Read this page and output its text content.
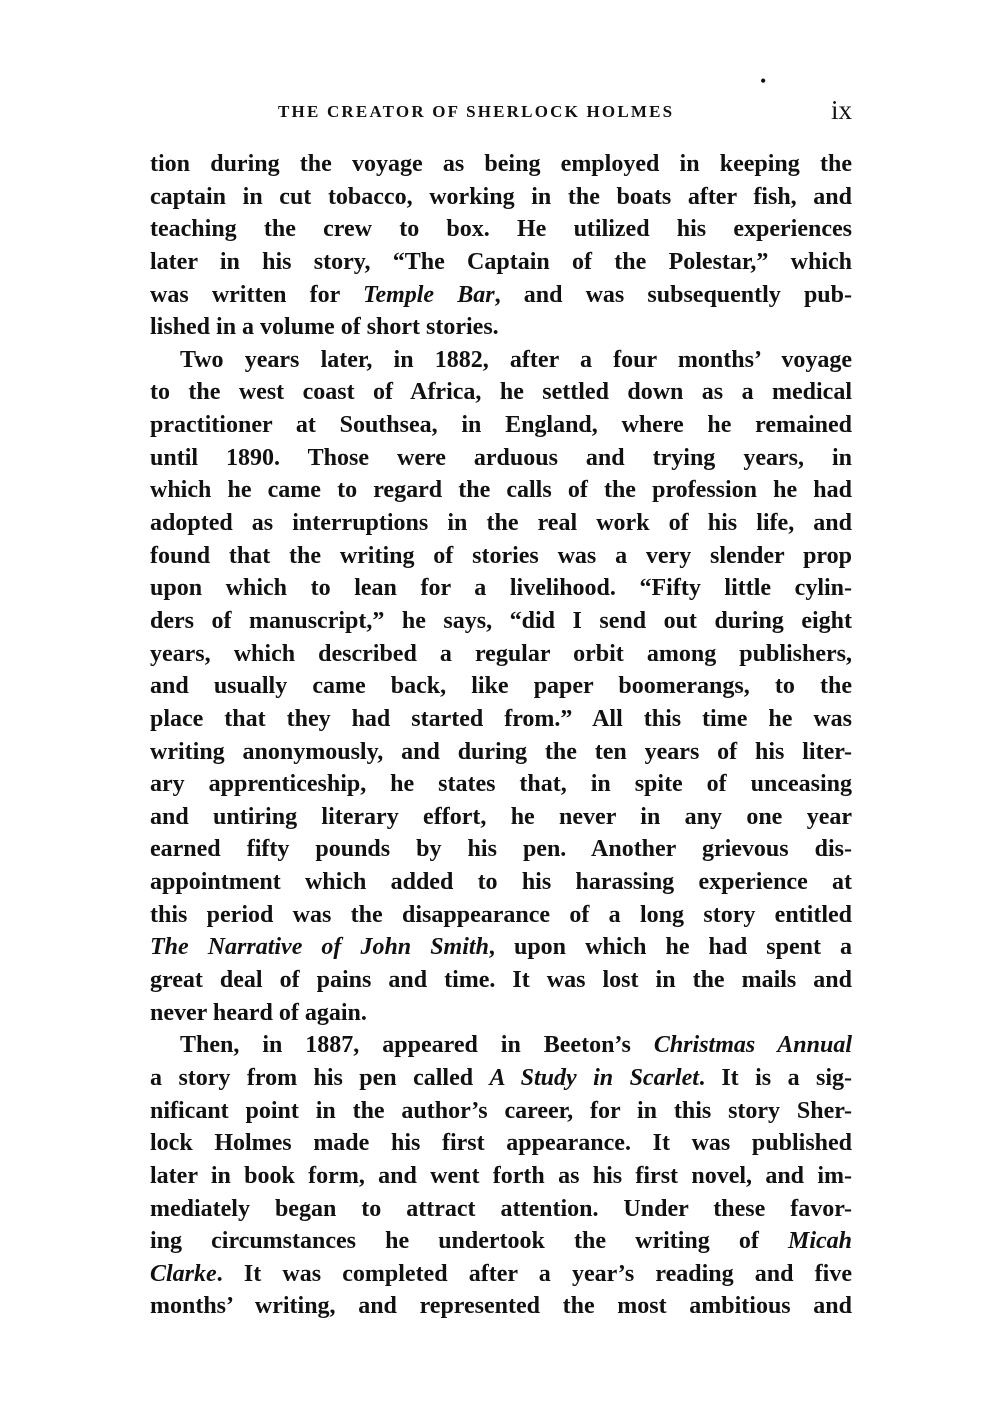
•
THE CREATOR OF SHERLOCK HOLMES	ix
tion during the voyage as being employed in keeping the
captain in cut tobacco, working in the boats after fish, and
teaching the crew to box. He utilized his experiences
later in his story, “The Captain of the Polestar,” which
was written for Temple Bar, and was subsequently pub-
lished in a volume of short stories.
Two years later, in 1882, after a four months’ voyage
to the west coast of Africa, he settled down as a medical
practitioner at Southsea, in England, where he remained
until 1890. Those were arduous and trying years, in
which he came to regard the calls of the profession he had
adopted as interruptions in the real work of his life, and
found that the writing of stories was a very slender prop
upon which to lean for a livelihood. “Fifty little cylin-
ders of manuscript,” he says, “did I send out during eight
years, which described a regular orbit among publishers,
and usually came back, like paper boomerangs, to the
place that they had started from.” All this time he was
writing anonymously, and during the ten years of his liter-
ary apprenticeship, he states that, in spite of unceasing
and untiring literary effort, he never in any one year
earned fifty pounds by his pen. Another grievous dis-
appointment which added to his harassing experience at
this period was the disappearance of a long story entitled
The Narrative of John Smith, upon which he had spent a
great deal of pains and time. It was lost in the mails and
never heard of again.
Then, in 1887, appeared in Beeton’s Christmas Annual
a story from his pen called A Study in Scarlet. It is a sig-
nificant point in the author’s career, for in this story Sher-
lock Holmes made his first appearance. It was published
later in book form, and went forth as his first novel, and im-
mediately began to attract attention. Under these favor-
ing circumstances he undertook the writing of Micah
Clarke. It was completed after a year’s reading and five
months’ writing, and represented the most ambitious and
